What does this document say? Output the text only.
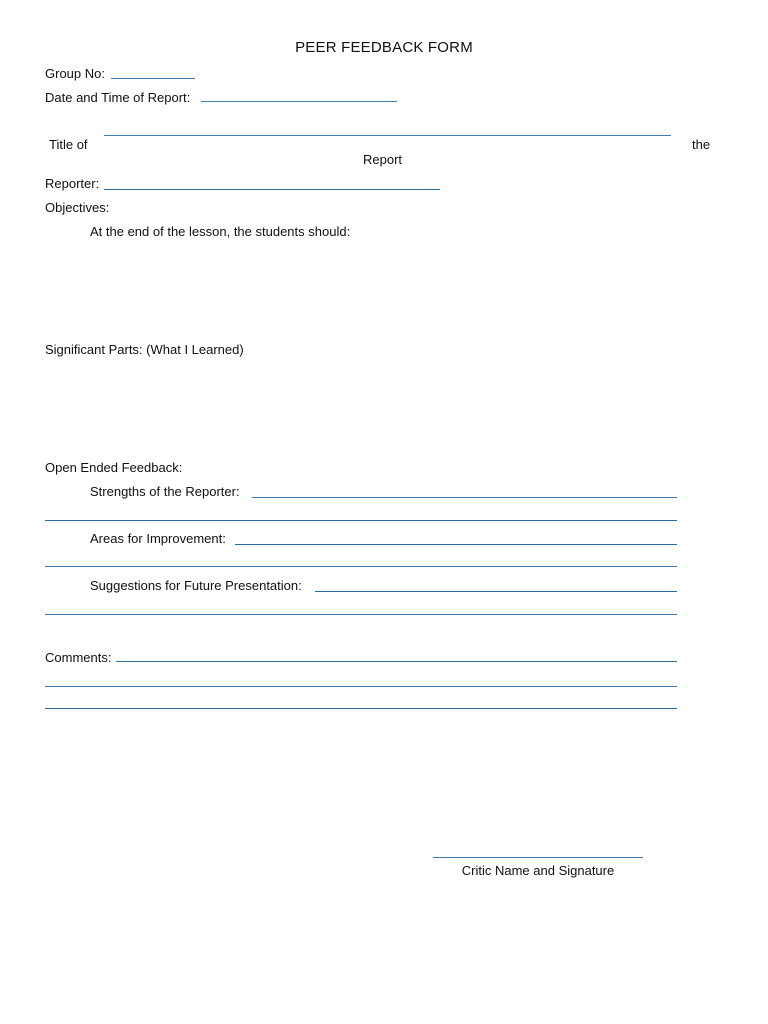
PEER FEEDBACK FORM
Group No:
Date and Time of Report:
Title of	the
Report
Reporter:
Objectives:
At the end of the lesson, the students should:
Significant Parts: (What I Learned)
Open Ended Feedback:
Strengths of the Reporter:
Areas for Improvement:
Suggestions for Future Presentation:
Comments:
Critic Name and Signature
